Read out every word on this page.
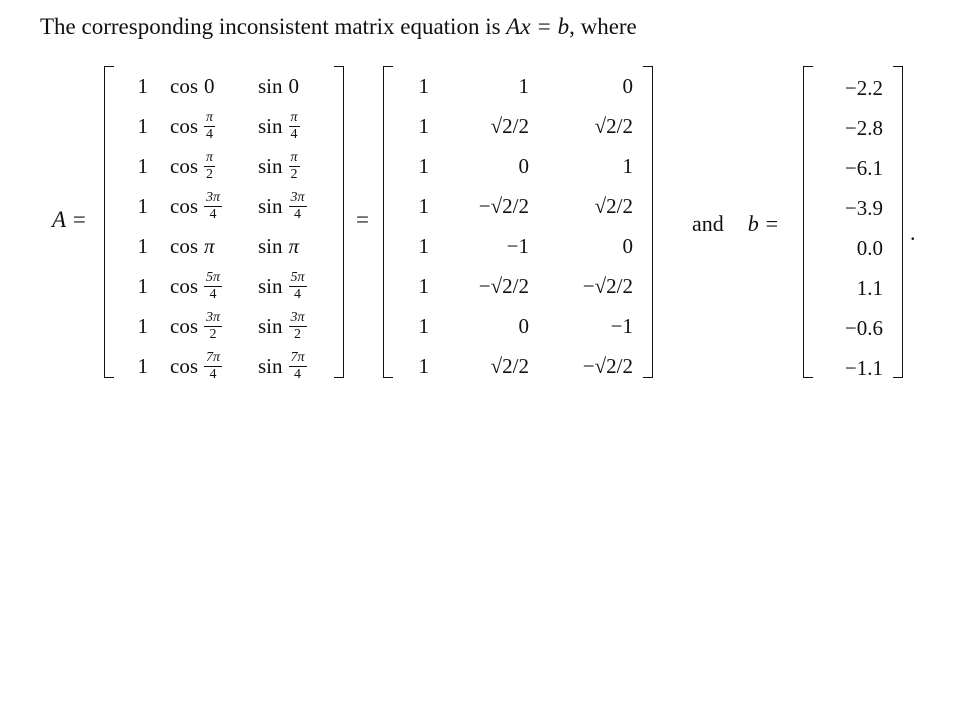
The corresponding inconsistent matrix equation is Ax = b, where
A =
1 cos 0 sin 0
1 $\cos \frac{\pi}{4}$ $\sin \frac{\pi}{4}$
1 $\cos \frac{\pi}{2}$ $\sin \frac{\pi}{2}$
1 $\cos \frac{3\pi}{4}$ $\sin \frac{3\pi}{4}$
1 cos π sin π
1 $\cos \frac{5\pi}{4}$ $\sin \frac{5\pi}{4}$
1 $\cos \frac{3\pi}{2}$ $\sin \frac{3\pi}{2}$
1 $\cos \frac{7\pi}{4}$ $\sin \frac{7\pi}{4}$
=
1	1	0
1	√2/2	√2/2
1	0	1
1	−√2/2	√2/2
1	−1	0
1	−√2/2	−√2/2
1	0	−1
1	√2/2	−√2/2
and b =
−2.2
−2.8
−6.1
−3.9
0.0
1.1
−0.6
−1.1
.
